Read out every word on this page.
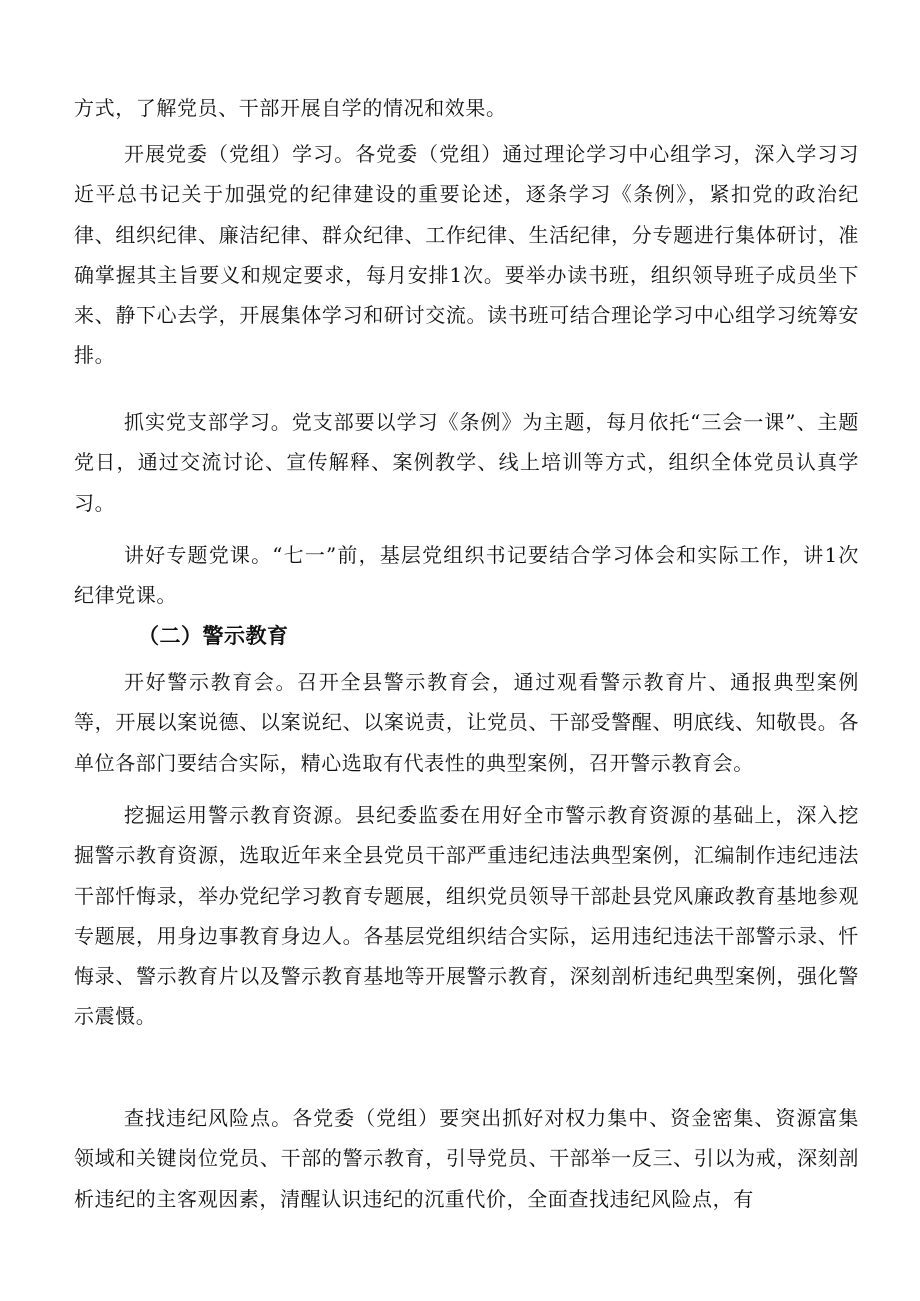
方式，了解党员、干部开展自学的情况和效果。

开展党委（党组）学习。各党委（党组）通过理论学习中心组学习，深入学习习近平总书记关于加强党的纪律建设的重要论述，逐条学习《条例》，紧扣党的政治纪律、组织纪律、廉洁纪律、群众纪律、工作纪律、生活纪律，分专题进行集体研讨，准确掌握其主旨要义和规定要求，每月安排1次。要举办读书班，组织领导班子成员坐下来、静下心去学，开展集体学习和研讨交流。读书班可结合理论学习中心组学习统筹安排。

抓实党支部学习。党支部要以学习《条例》为主题，每月依托“三会一课”、主题党日，通过交流讨论、宣传解释、案例教学、线上培训等方式，组织全体党员认真学习。

讲好专题党课。“七一”前，基层党组织书记要结合学习体会和实际工作，讲1次纪律党课。

（二）警示教育

开好警示教育会。召开全县警示教育会，通过观看警示教育片、通报典型案例等，开展以案说德、以案说纪、以案说责，让党员、干部受警醒、明底线、知敬畏。各单位各部门要结合实际，精心选取有代表性的典型案例，召开警示教育会。

挖掘运用警示教育资源。县纪委监委在用好全市警示教育资源的基础上，深入挖掘警示教育资源，选取近年来全县党员干部严重违纪违法典型案例，汇编制作违纪违法干部忏悔录，举办党纪学习教育专题展，组织党员领导干部赴县党风廉政教育基地参观专题展，用身边事教育身边人。各基层党组织结合实际，运用违纪违法干部警示录、忏悔录、警示教育片以及警示教育基地等开展警示教育，深刻剖析违纪典型案例，强化警示震慑。

查找违纪风险点。各党委（党组）要突出抓好对权力集中、资金密集、资源富集领域和关键岗位党员、干部的警示教育，引导党员、干部举一反三、引以为戒，深刻剖析违纪的主客观因素，清醒认识违纪的沉重代价，全面查找违纪风险点，有
